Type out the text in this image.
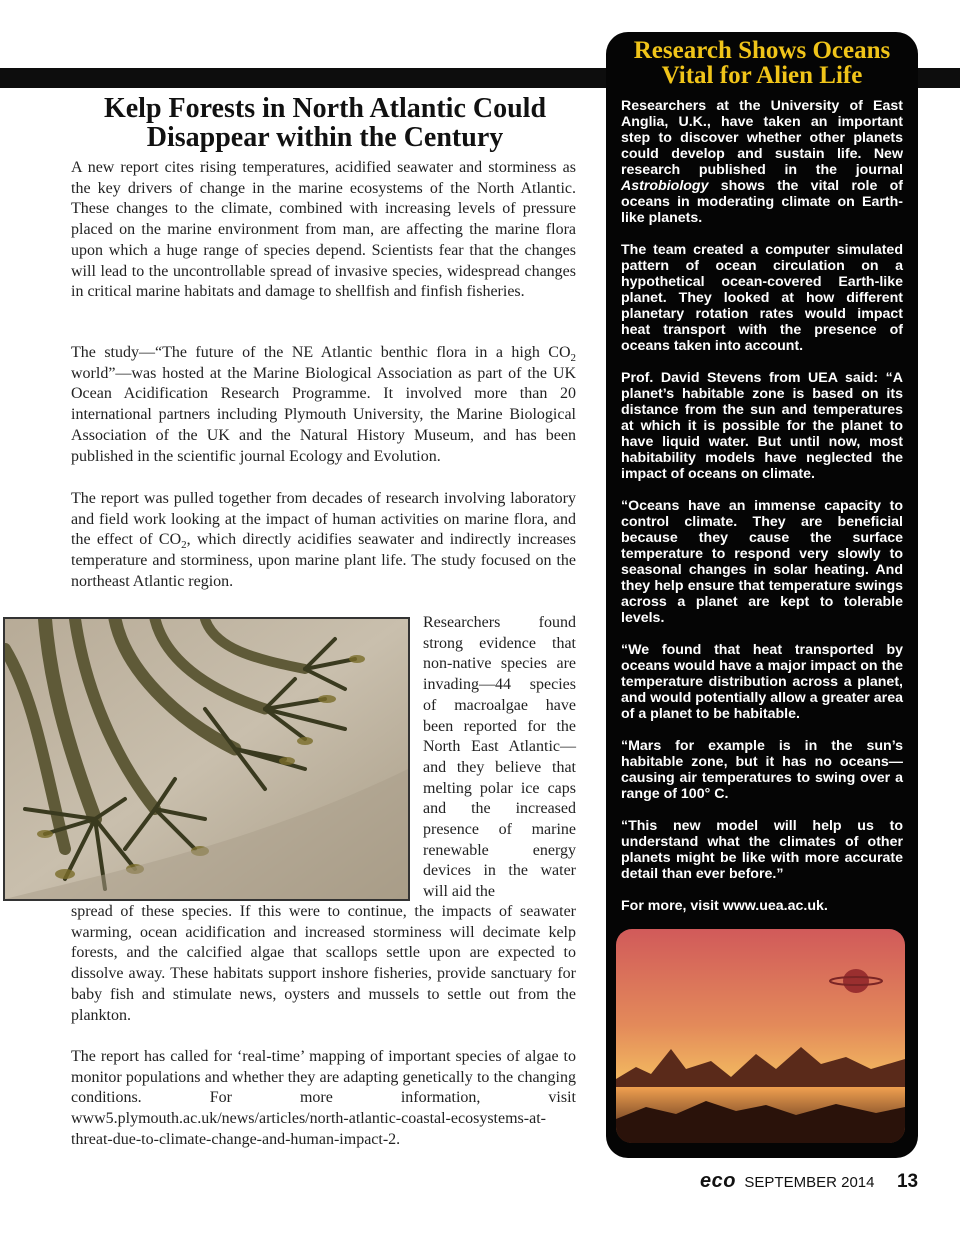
Kelp Forests in North Atlantic Could Disappear within the Century

A new report cites rising temperatures, acidified seawater and storminess as the key drivers of change in the marine ecosystems of the North Atlantic. These changes to the climate, combined with increasing levels of pressure placed on the marine environment from man, are affecting the marine flora upon which a huge range of species depend. Scientists fear that the changes will lead to the uncontrollable spread of invasive species, widespread changes in critical marine habitats and damage to shellfish and finfish fisheries.

The study—“The future of the NE Atlantic benthic flora in a high $CO_2$ world”—was hosted at the Marine Biological Association as part of the UK Ocean Acidification Research Programme. It involved more than 20 international partners including Plymouth University, the Marine Biological Association of the UK and the Natural History Museum, and has been published in the scientific journal Ecology and Evolution.

The report was pulled together from decades of research involving laboratory and field work looking at the impact of human activities on marine flora, and the effect of $CO_2$, which directly acidifies seawater and indirectly increases temperature and storminess, upon marine plant life. The study focused on the northeast Atlantic region.

Researchers found strong evidence that non-native species are invading—44 species of macroalgae have been reported for the North East Atlantic—and they believe that melting polar ice caps and the increased presence of marine renewable energy devices in the water will aid the

spread of these species. If this were to continue, the impacts of seawater warming, ocean acidification and increased storminess will decimate kelp forests, and the calcified algae that scallops settle upon are expected to dissolve away. These habitats support inshore fisheries, provide sanctuary for baby fish and stimulate news, oysters and mussels to settle out from the plankton.

The report has called for ‘real-time’ mapping of important species of algae to monitor populations and whether they are adapting genetically to the changing conditions. For more information, visit www5.plymouth.ac.uk/news/articles/north-atlantic-coastal-ecosystems-at-threat-due-to-climate-change-and-human-impact-2.

Research Shows Oceans
Vital for Alien Life

Researchers at the University of East Anglia, U.K., have taken an important step to discover whether other planets could develop and sustain life. New research published in the journal Astrobiology shows the vital role of oceans in moderating climate on Earth-like planets.

The team created a computer simulated pattern of ocean circulation on a hypothetical ocean-covered Earth-like planet. They looked at how different planetary rotation rates would impact heat transport with the presence of oceans taken into account.

Prof. David Stevens from UEA said: “A planet’s habitable zone is based on its distance from the sun and temperatures at which it is possible for the planet to have liquid water. But until now, most habitability models have neglected the impact of oceans on climate.

“Oceans have an immense capacity to control climate. They are beneficial because they cause the surface temperature to respond very slowly to seasonal changes in solar heating. And they help ensure that temperature swings across a planet are kept to tolerable levels.

“We found that heat transported by oceans would have a major impact on the temperature distribution across a planet, and would potentially allow a greater area of a planet to be habitable.

“Mars for example is in the sun’s habitable zone, but it has no oceans—causing air temperatures to swing over a range of 100° C.

“This new model will help us to understand what the climates of other planets might be like with more accurate detail than ever before.”

For more, visit www.uea.ac.uk.

eco SEPTEMBER 2014 13
